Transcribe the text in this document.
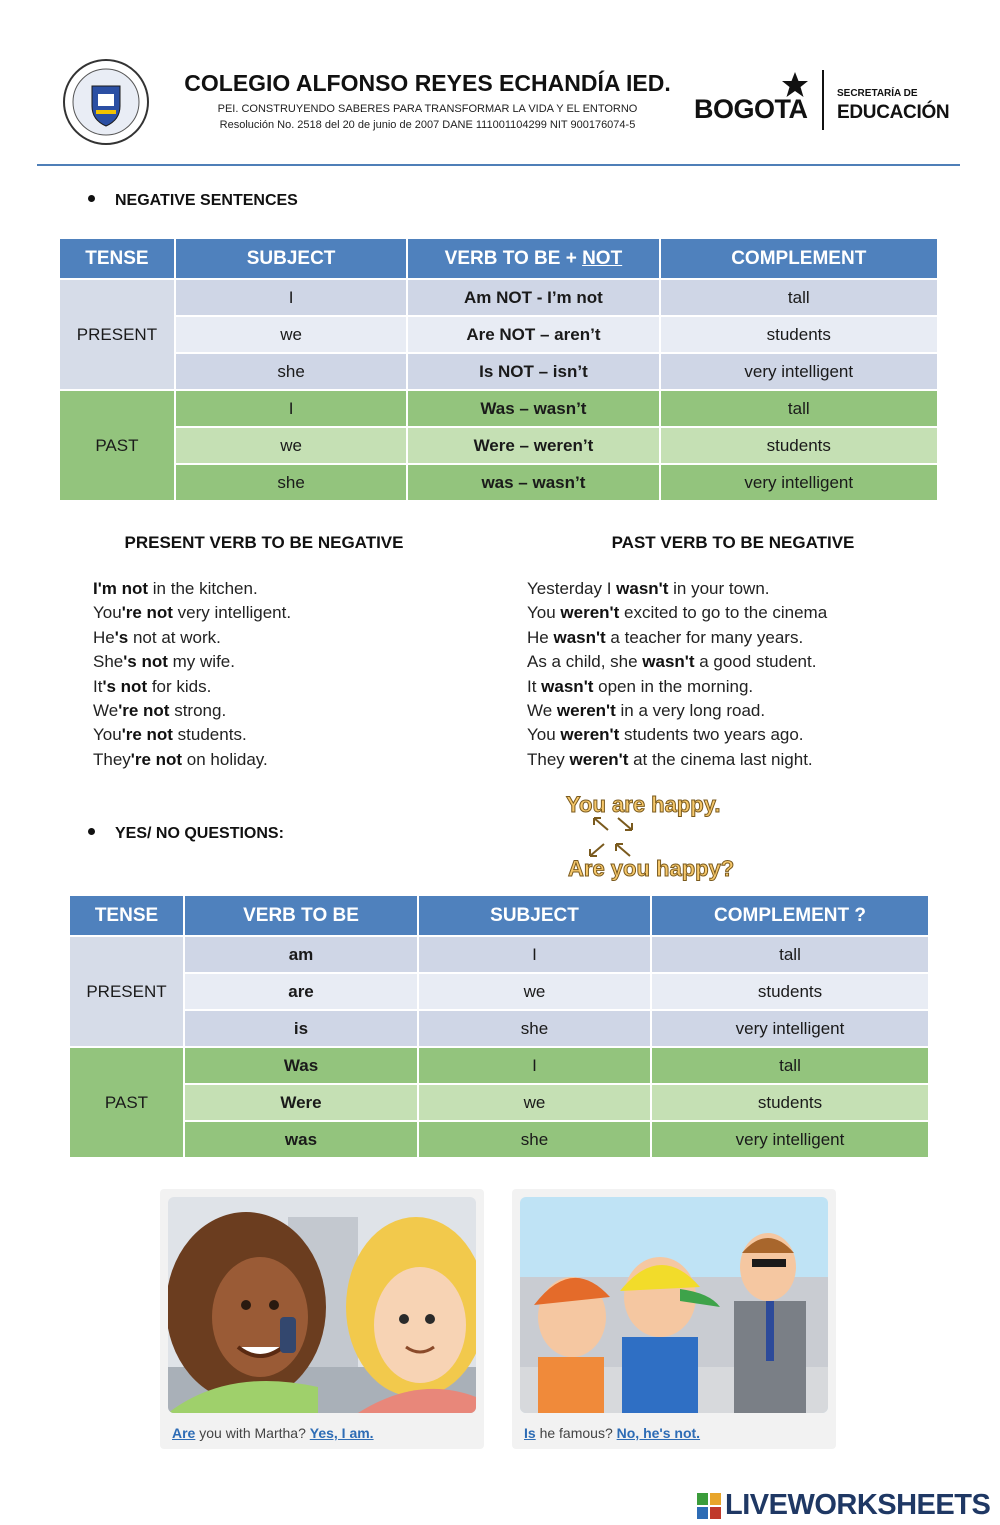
COLEGIO ALFONSO REYES ECHANDÍA IED.
PEI. CONSTRUYENDO SABERES PARA TRANSFORMAR LA VIDA Y EL ENTORNO
Resolución No. 2518 del 20 de junio de 2007 DANE 111001104299 NIT 900176074-5
BOGOTA
SECRETARÍA DE
EDUCACIÓN
NEGATIVE SENTENCES
TENSE	SUBJECT	VERB TO BE + NOT	COMPLEMENT
PRESENT	I	Am NOT - I’m not	tall
	we	Are NOT – aren’t	students
	she	Is NOT – isn’t	very intelligent
PAST	I	Was – wasn’t	tall
	we	Were – weren’t	students
	she	was – wasn’t	very intelligent
PRESENT VERB TO BE NEGATIVE	PAST VERB TO BE NEGATIVE
I'm not in the kitchen.
You're not very intelligent.
He's not at work.
She's not my wife.
It's not for kids.
We're not strong.
You're not students.
They're not on holiday.
Yesterday I wasn't in your town.
You weren't excited to go to the cinema
He wasn't a teacher for many years.
As a child, she wasn't a good student.
It wasn't open in the morning.
We weren't in a very long road.
You weren't students two years ago.
They weren't at the cinema last night.
YES/ NO QUESTIONS:
You are happy.
Are you happy?
TENSE	VERB TO BE	SUBJECT	COMPLEMENT ?
PRESENT	am	I	tall
	are	we	students
	is	she	very intelligent
PAST	Was	I	tall
	Were	we	students
	was	she	very intelligent
Are you with Martha? Yes, I am.	Is he famous? No, he's not.
LIVEWORKSHEETS
